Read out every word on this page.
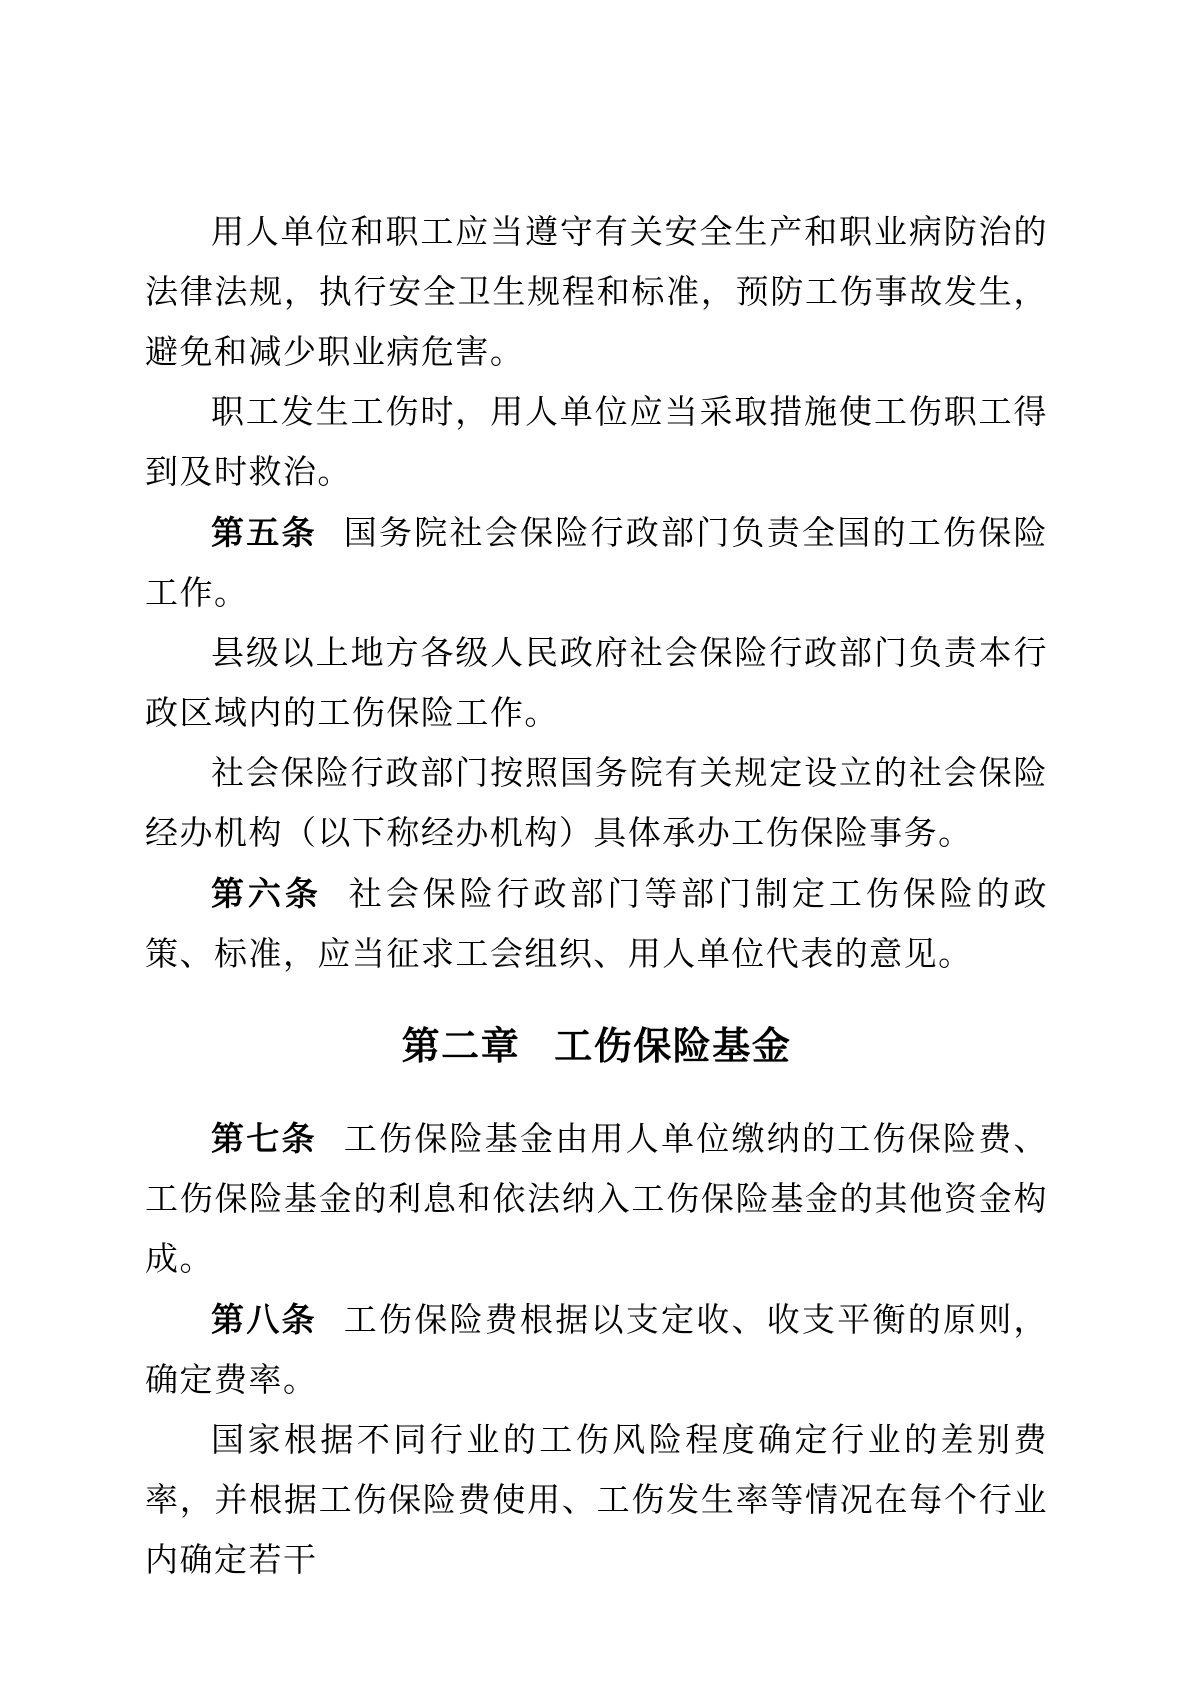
用人单位和职工应当遵守有关安全生产和职业病防治的法律法规，执行安全卫生规程和标准，预防工伤事故发生，避免和减少职业病危害。

职工发生工伤时，用人单位应当采取措施使工伤职工得到及时救治。

第五条 国务院社会保险行政部门负责全国的工伤保险工作。

县级以上地方各级人民政府社会保险行政部门负责本行政区域内的工伤保险工作。

社会保险行政部门按照国务院有关规定设立的社会保险经办机构（以下称经办机构）具体承办工伤保险事务。

第六条 社会保险行政部门等部门制定工伤保险的政策、标准，应当征求工会组织、用人单位代表的意见。

第二章 工伤保险基金

第七条 工伤保险基金由用人单位缴纳的工伤保险费、工伤保险基金的利息和依法纳入工伤保险基金的其他资金构成。

第八条 工伤保险费根据以支定收、收支平衡的原则，确定费率。

国家根据不同行业的工伤风险程度确定行业的差别费率，并根据工伤保险费使用、工伤发生率等情况在每个行业内确定若干
